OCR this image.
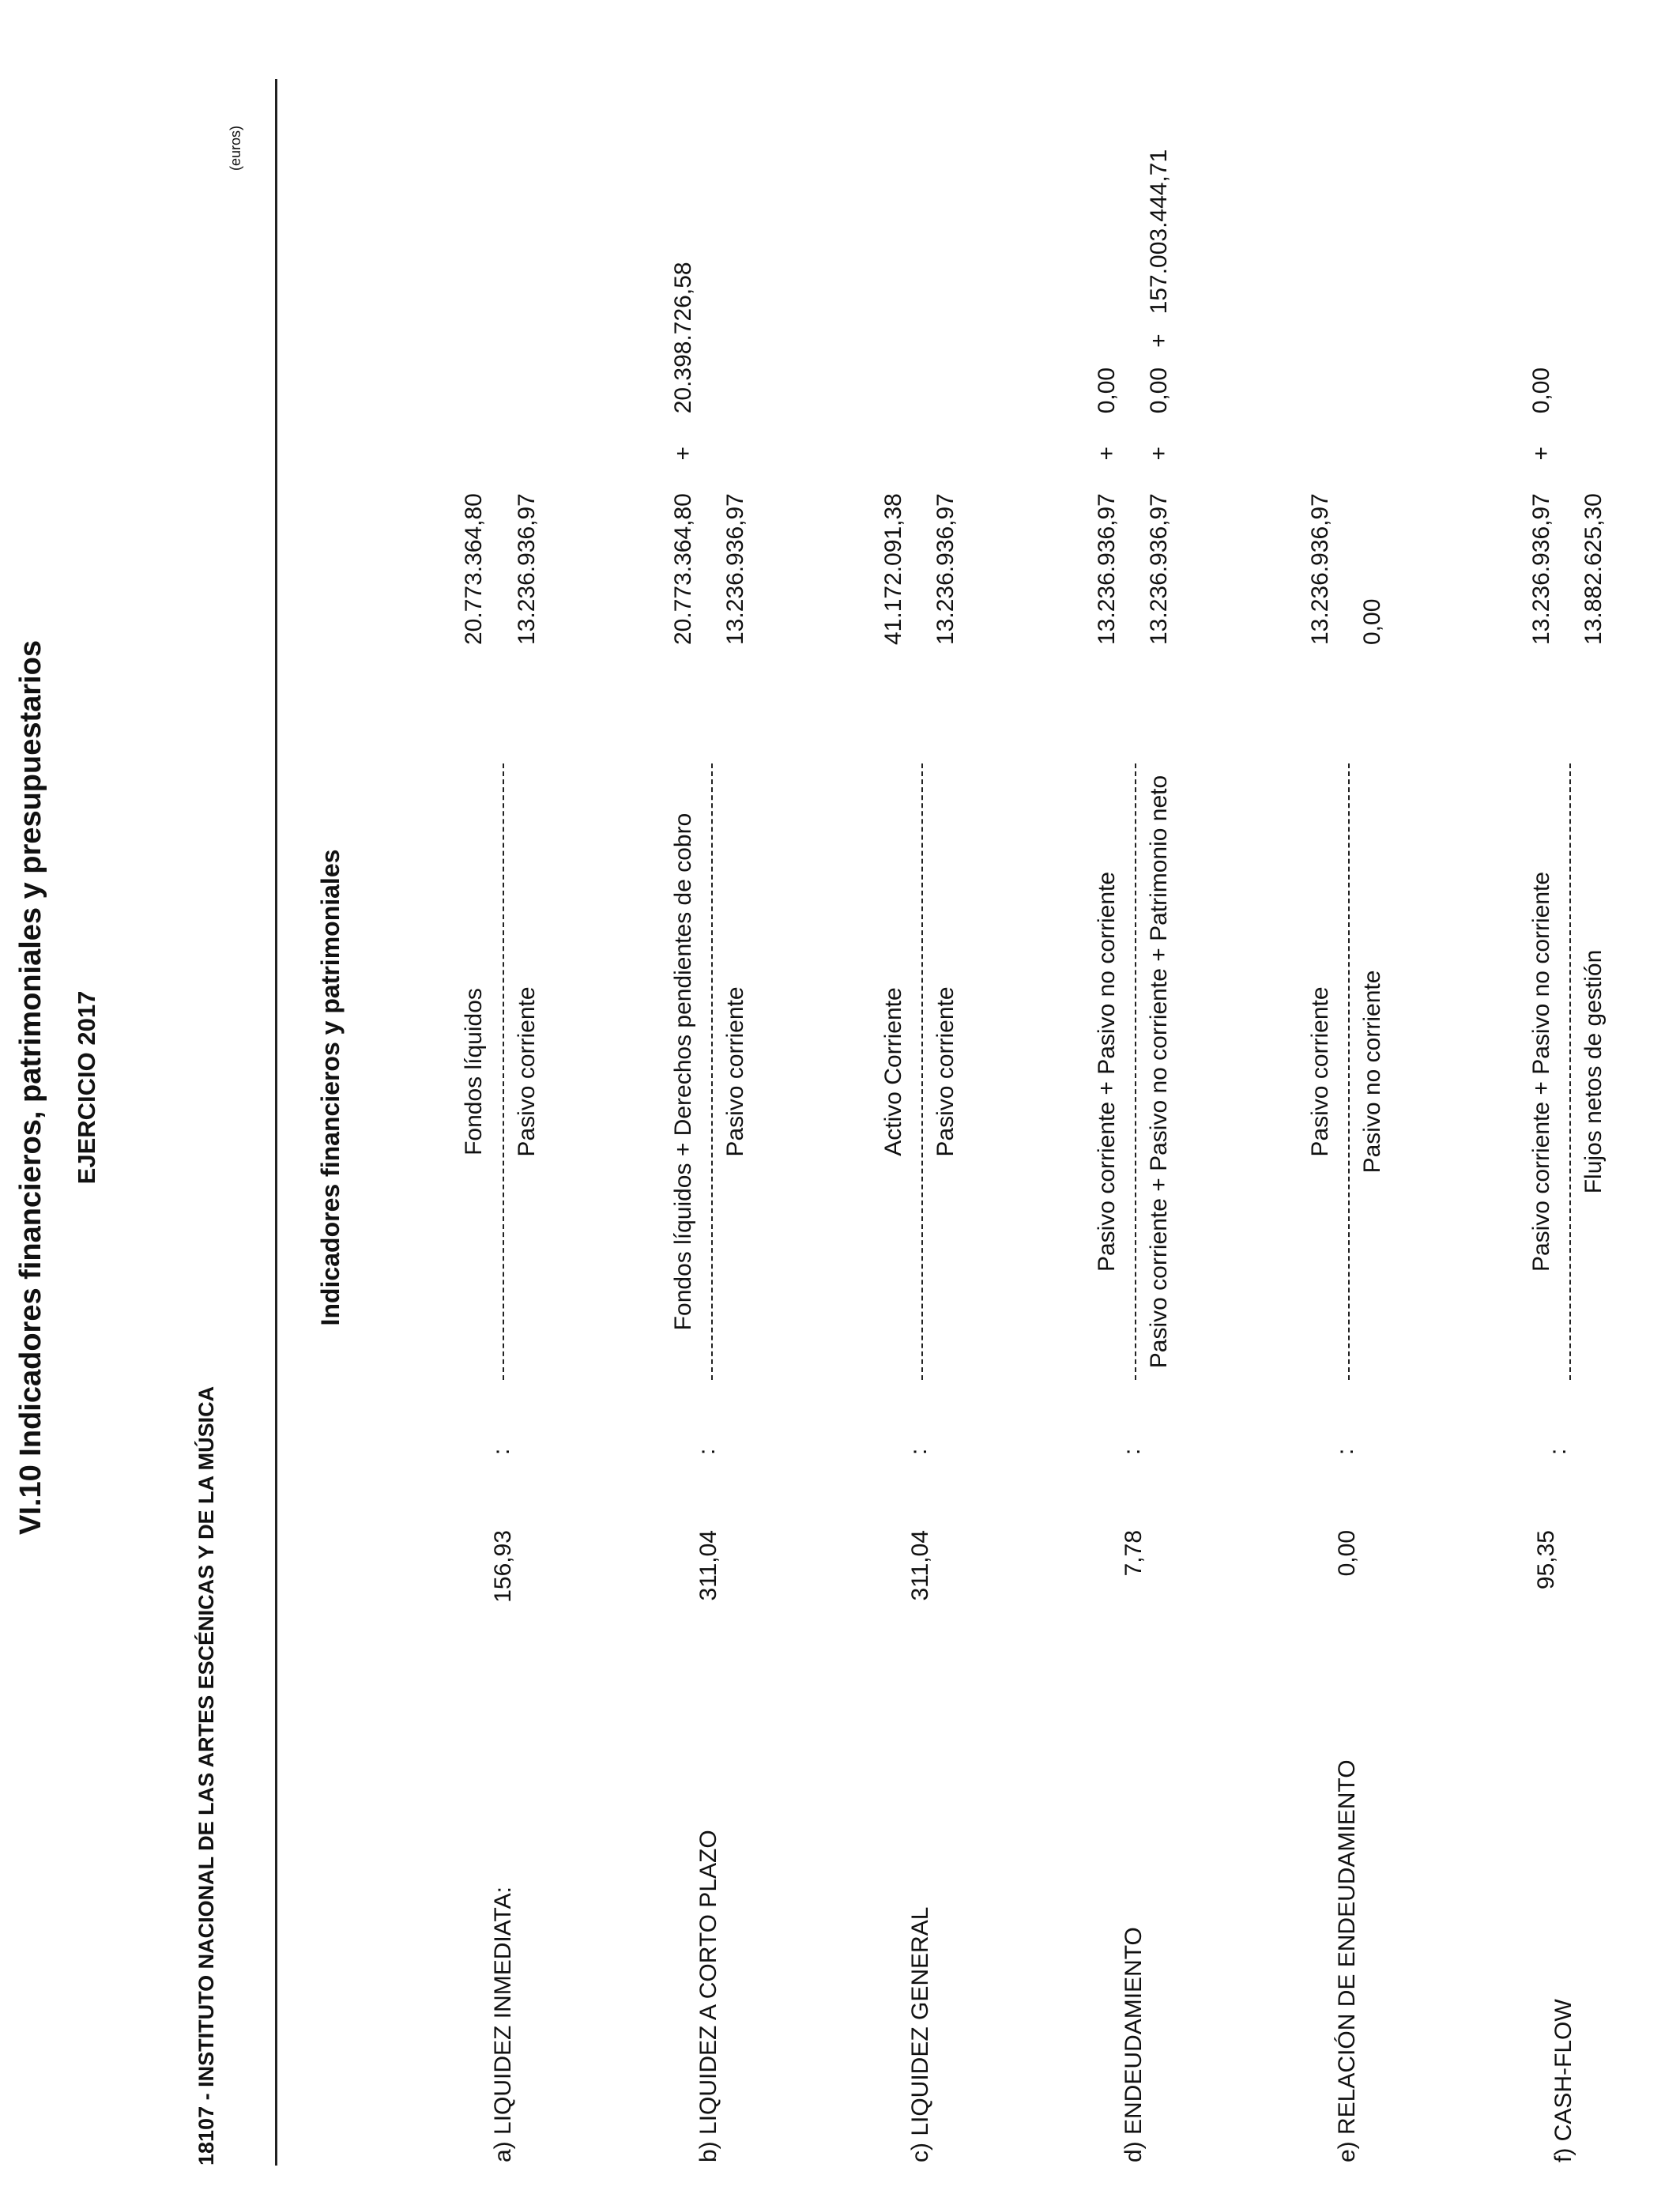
VI.10 Indicadores financieros, patrimoniales y presupuestarios EJERCICIO 2017
18107 - INSTITUTO NACIONAL DE LAS ARTES ESCÉNICAS Y DE LA MÚSICA
(euros)
Indicadores financieros y patrimoniales
a) LIQUIDEZ INMEDIATA:
156,93
:
Fondos líquidos Pasivo corriente
20.773.364,80 13.236.936,97
b) LIQUIDEZ A CORTO PLAZO
311,04
:
Fondos líquidos + Derechos pendientes de cobro Pasivo corriente
20.773.364,80     +     20.398.726,58 13.236.936,97
c) LIQUIDEZ GENERAL
311,04
:
Activo Corriente Pasivo corriente
41.172.091,38 13.236.936,97
d) ENDEUDAMIENTO
7,78
:
Pasivo corriente + Pasivo no corriente Pasivo corriente + Pasivo no corriente + Patrimonio neto
13.236.936,97     +     0,00 13.236.936,97     +     0,00   +   157.003.444,71
e) RELACIÓN DE ENDEUDAMIENTO
0,00
:
Pasivo corriente Pasivo no corriente
13.236.936,97 0,00
f) CASH-FLOW
95,35
:
Pasivo corriente + Pasivo no corriente Flujos netos de gestión
13.236.936,97     +     0,00 13.882.625,30
